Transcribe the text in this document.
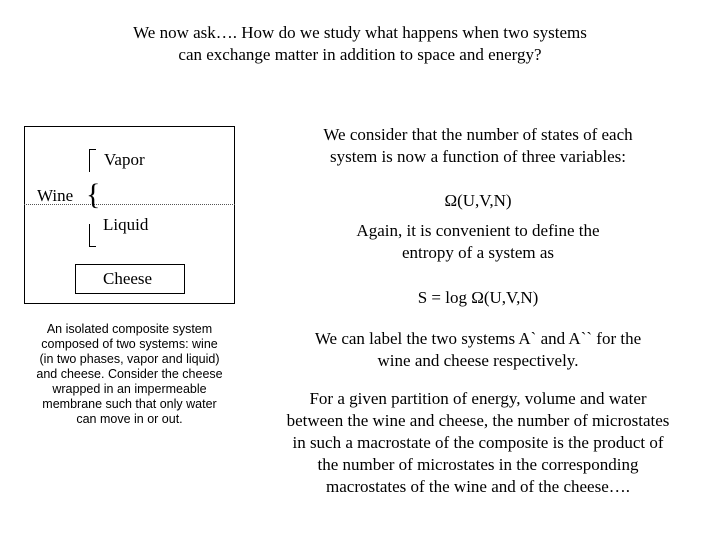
We now ask…. How do we study what happens when two systems
can exchange matter in addition to space and energy?
{
Vapor
Wine
Liquid
Cheese
An isolated composite system
composed of two systems: wine
(in two phases, vapor and liquid)
and cheese. Consider the cheese
wrapped in an impermeable
membrane such that only water
can move in or out.
We consider that the number of states of each
system is now a function of three variables:
Ω(U,V,N)
Again, it is convenient to define the
entropy of a system as
S = log Ω(U,V,N)
We can label the two systems A` and A`` for the
wine and cheese respectively.
For a given partition of energy, volume and water
between the wine and cheese, the number of microstates
in such a macrostate of the composite is the product of
the number of microstates in the corresponding
macrostates of the wine and of the cheese….
